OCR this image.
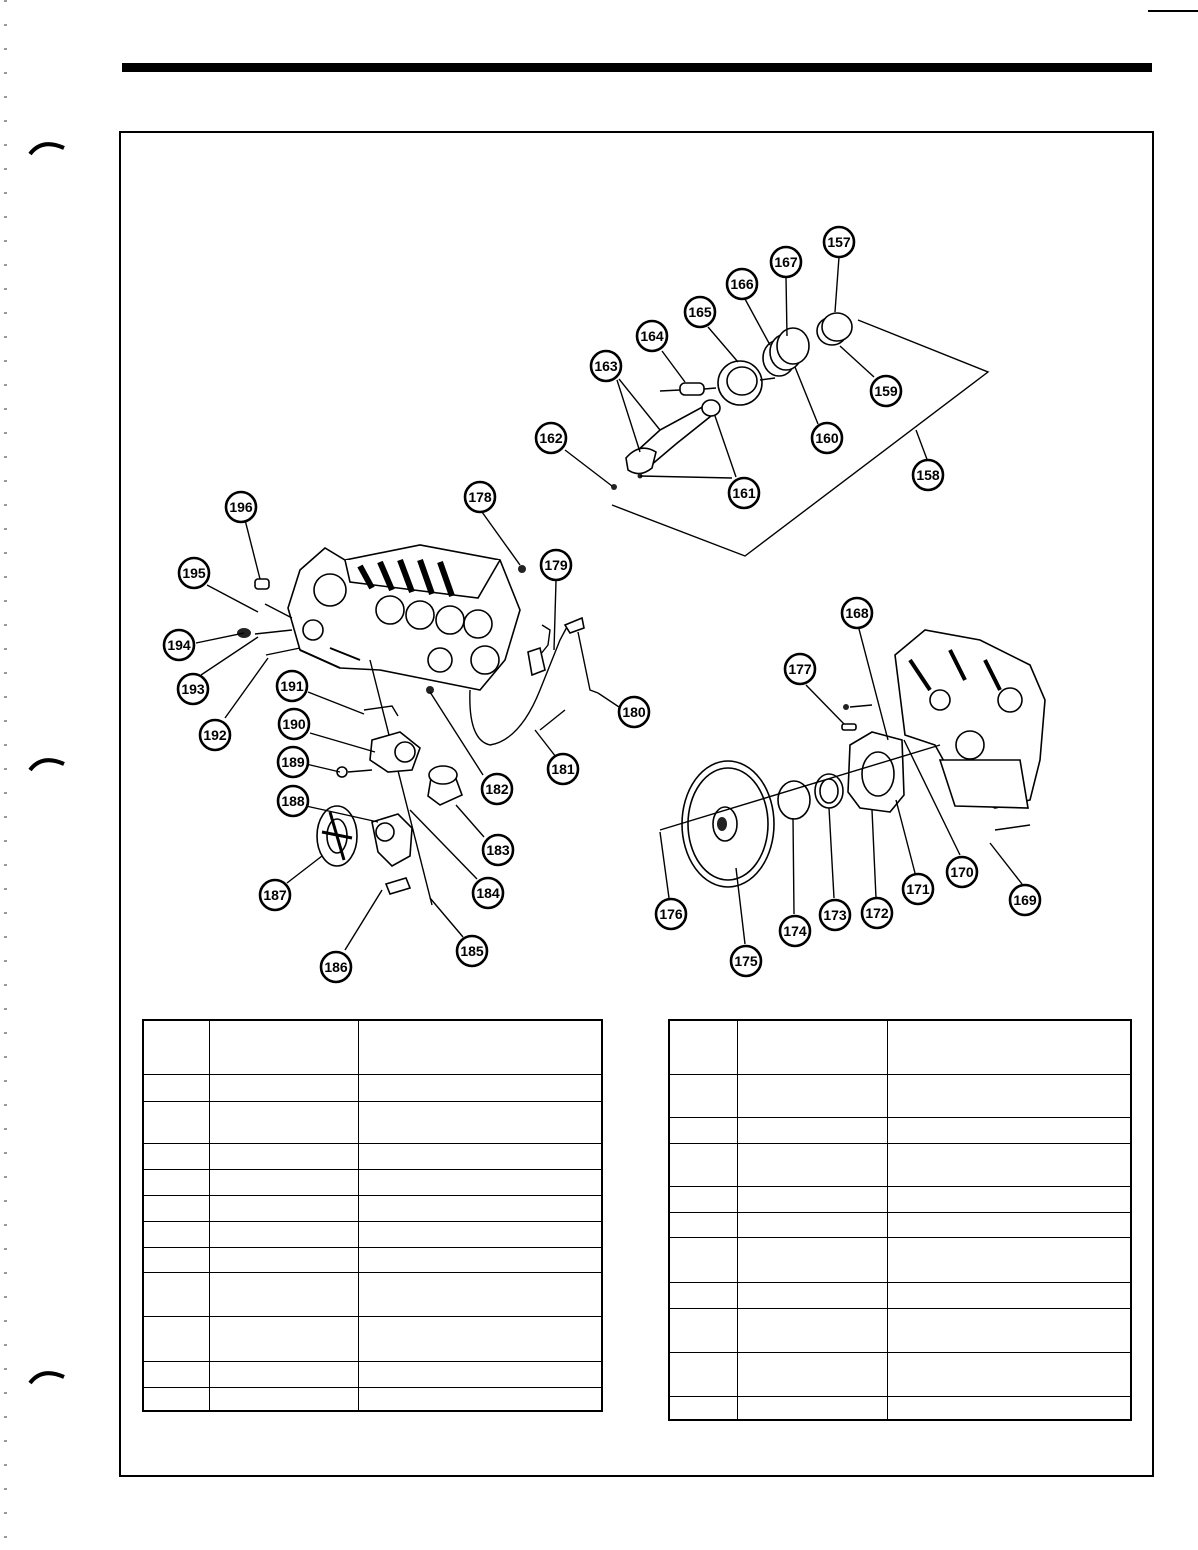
157
167
166
165
164
163
162
161
160
159
158
196
178
179
195
194
193
192
191
190
189
188
187
186
185
184
183
182
181
180
168
177
170
171
172
173
174
175
176
169
